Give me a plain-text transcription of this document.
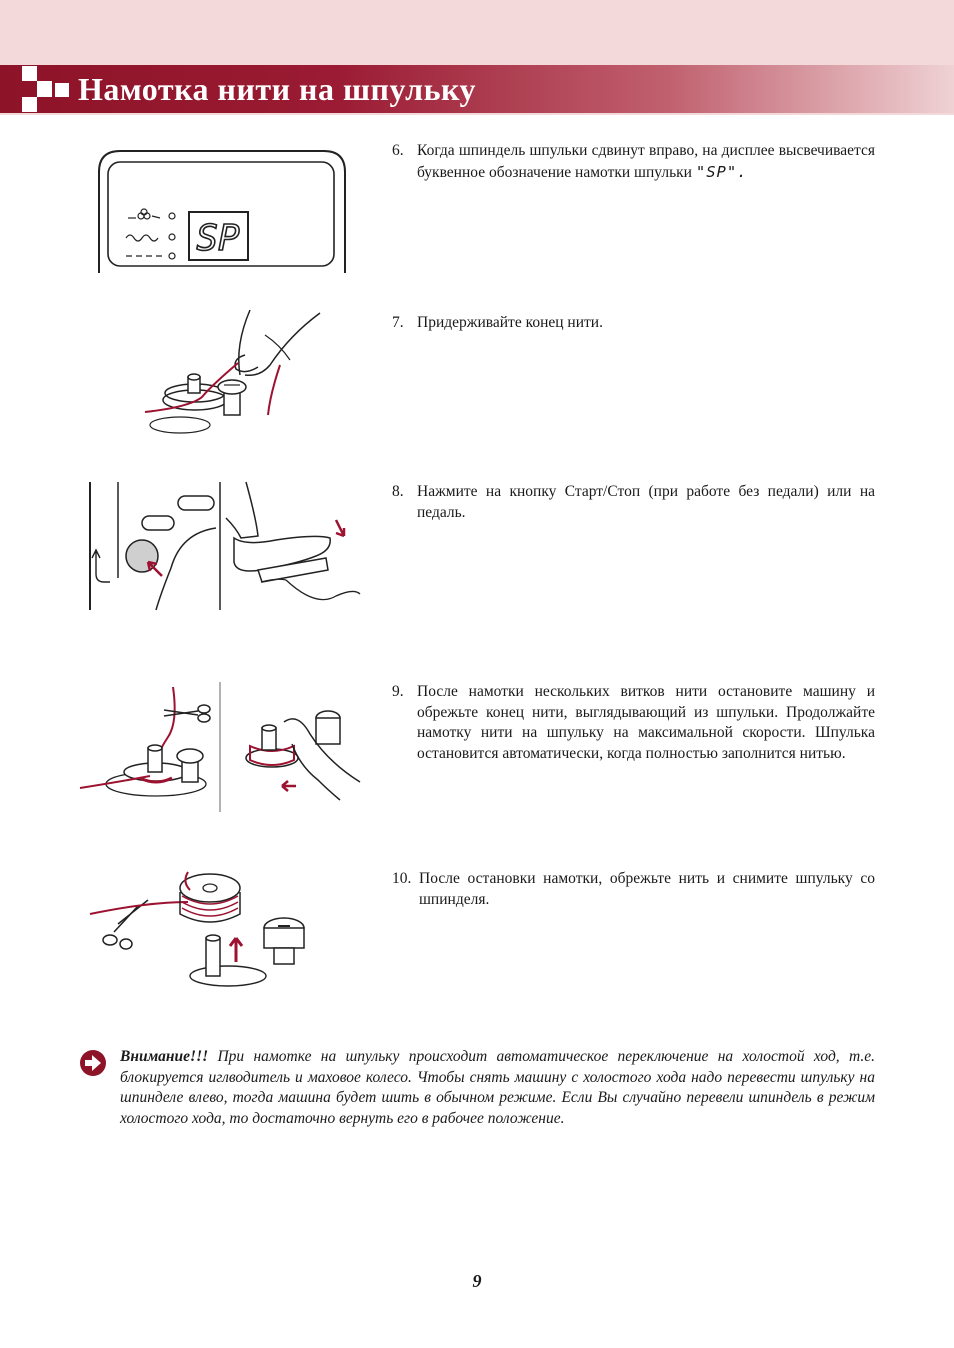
Намотка нити на шпульку
6. Когда шпиндель шпульки сдвинут вправо, на дисплее высвечивается буквенное обозначение намотки шпульки "SP".
7. Придерживайте конец нити.
8. Нажмите на кнопку Старт/Стоп (при работе без педали) или на педаль.
9. После намотки нескольких витков нити остановите машину и обрежьте конец нити, выглядывающий из шпульки. Продолжайте намотку нити на шпульку на максимальной скорости. Шпулька остановится автоматически, когда полностью заполнится нитью.
10. После остановки намотки, обрежьте нить и снимите шпульку со шпинделя.
SP
Внимание!!! При намотке на шпульку происходит автоматическое переключение на холостой ход, т.е. блокируется иглводитель и маховое колесо. Чтобы снять машину с холостого хода надо перевести шпульку на шпинделе влево, тогда машина будет шить в обычном режиме. Если Вы случайно перевели шпиндель в режим холостого хода, то достаточно вернуть его в рабочее положение.
9
